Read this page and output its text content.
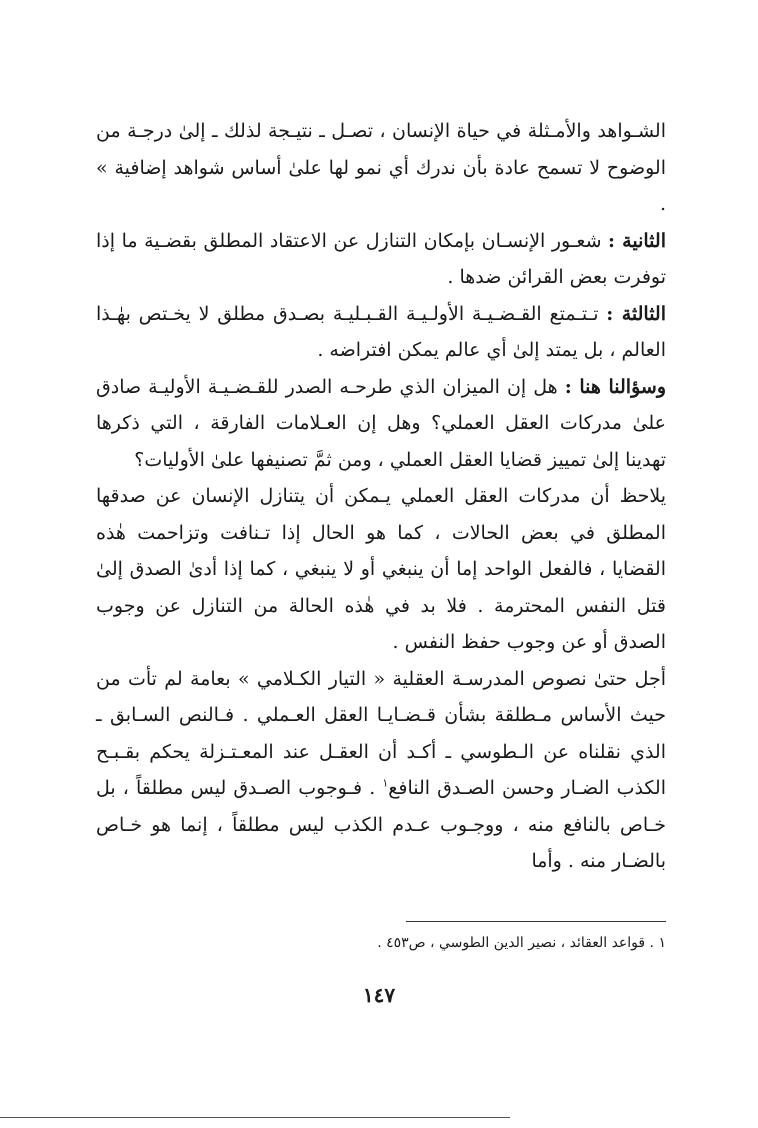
الشـواهد والأمـثلة في حياة الإنسان ، تصـل ـ نتيـجة لذلك ـ إلىٰ درجـة من الوضوح لا تسمح عادة بأن ندرك أي نمو لها علىٰ أساس شواهد إضافية » .

الثانية : شعـور الإنسـان بإمكان التنازل عن الاعتقاد المطلق بقضـية ما إذا توفرت بعض القرائن ضدها .

الثالثة : تـتـمتع القـضـيـة الأولـيـة القـبـليـة بصـدق مطلق لا يخـتص بهٰـذا العالم ، بل يمتد إلىٰ أي عالم يمكن افتراضه .

وسؤالنا هنا : هل إن الميزان الذي طرحـه الصدر للقـضـيـة الأوليـة صادق علىٰ مدركات العقل العملي؟ وهل إن العـلامات الفارقة ، التي ذكرها تهدينا إلىٰ تمييز قضايا العقل العملي ، ومن ثمَّ تصنيفها علىٰ الأوليات؟

يلاحظ أن مدركات العقل العملي يـمكن أن يتنازل الإنسان عن صدقها المطلق في بعض الحالات ، كما هو الحال إذا تـنافت وتزاحمت هٰذه القضايا ، فالفعل الواحد إما أن ينبغي أو لا ينبغي ، كما إذا أدىٰ الصدق إلىٰ قتل النفس المحترمة . فلا بد في هٰذه الحالة من التنازل عن وجوب الصدق أو عن وجوب حفظ النفس .

أجل حتىٰ نصوص المدرسـة العقلية « التيار الكـلامي » بعامة لم تأت من حيث الأساس مـطلقة بشأن قـضـايـا العقل العـملي . فـالنص السـابق ـ الذي نقلناه عن الـطوسي ـ أكـد أن العقـل عند المعـتـزلة يحكم بقـبـح الكذب الضـار وحسن الصـدق النافع$^١$ . فـوجوب الصـدق ليس مطلقاً ، بل خـاص بالنافع منه ، ووجـوب عـدم الكذب ليس مطلقاً ، إنما هو خـاص بالضـار منه . وأما

١ . قواعد العقائد ، نصير الدين الطوسي ، ص٤٥٣ .
١٤٧
